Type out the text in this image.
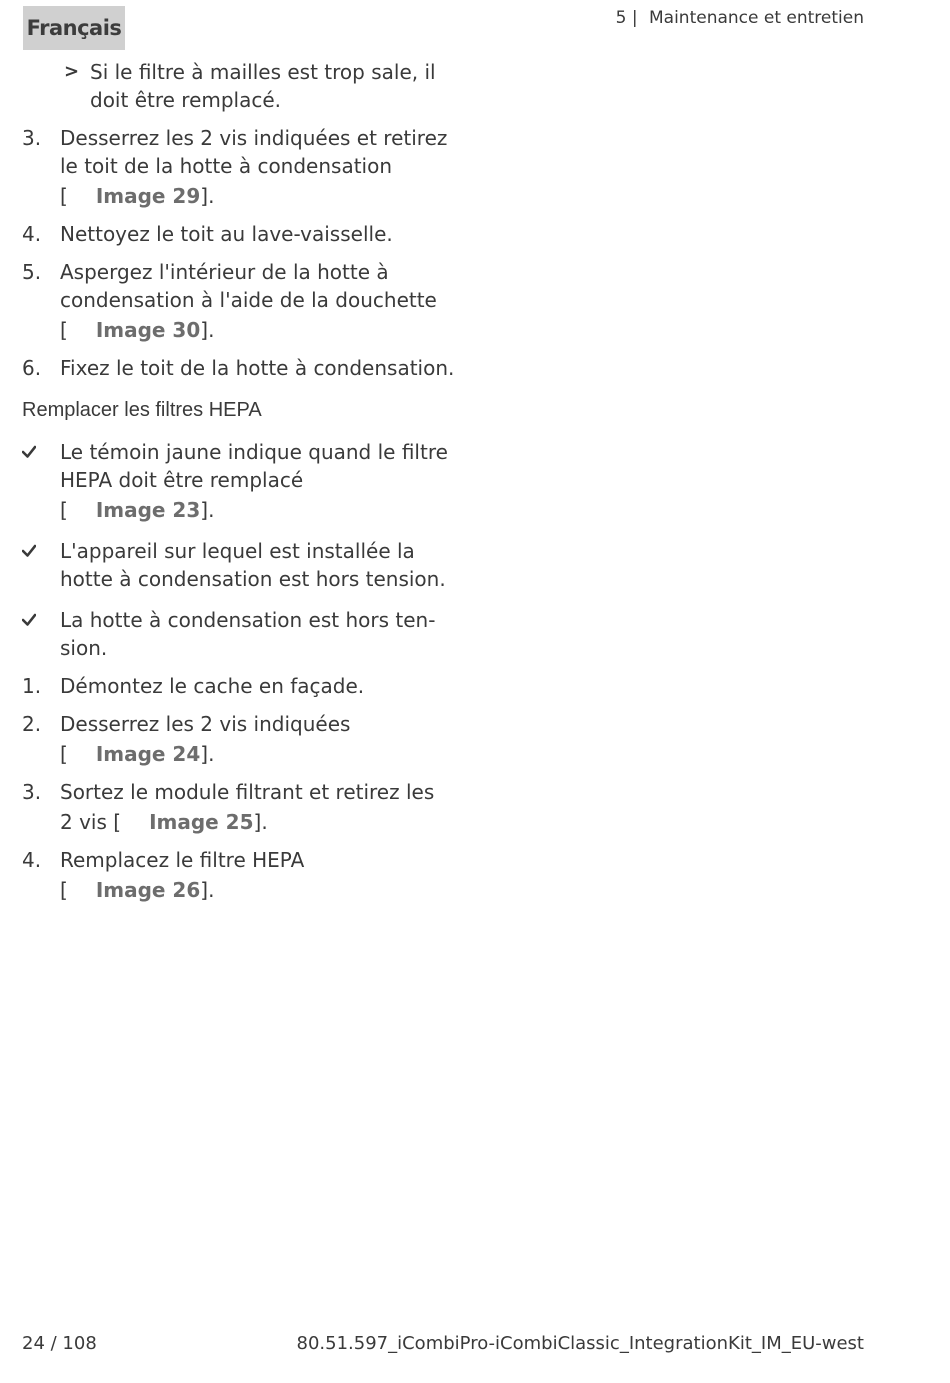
Français	5 | Maintenance et entretien
> Si le filtre à mailles est trop sale, il
doit être remplacé.
3. Desserrez les 2 vis indiquées et retirez
le toit de la hotte à condensation
[ Image 29].
4. Nettoyez le toit au lave-vaisselle.
5. Aspergez l'intérieur de la hotte à
condensation à l'aide de la douchette
[ Image 30].
6. Fixez le toit de la hotte à condensation.
Remplacer les filtres HEPA
Le témoin jaune indique quand le filtre
HEPA doit être remplacé
[ Image 23].
L'appareil sur lequel est installée la
hotte à condensation est hors tension.
La hotte à condensation est hors ten-
sion.
1. Démontez le cache en façade.
2. Desserrez les 2 vis indiquées
[ Image 24].
3. Sortez le module filtrant et retirez les
2 vis [ Image 25].
4. Remplacez le filtre HEPA
[ Image 26].
24 / 108	80.51.597_iCombiPro-iCombiClassic_IntegrationKit_IM_EU-west
